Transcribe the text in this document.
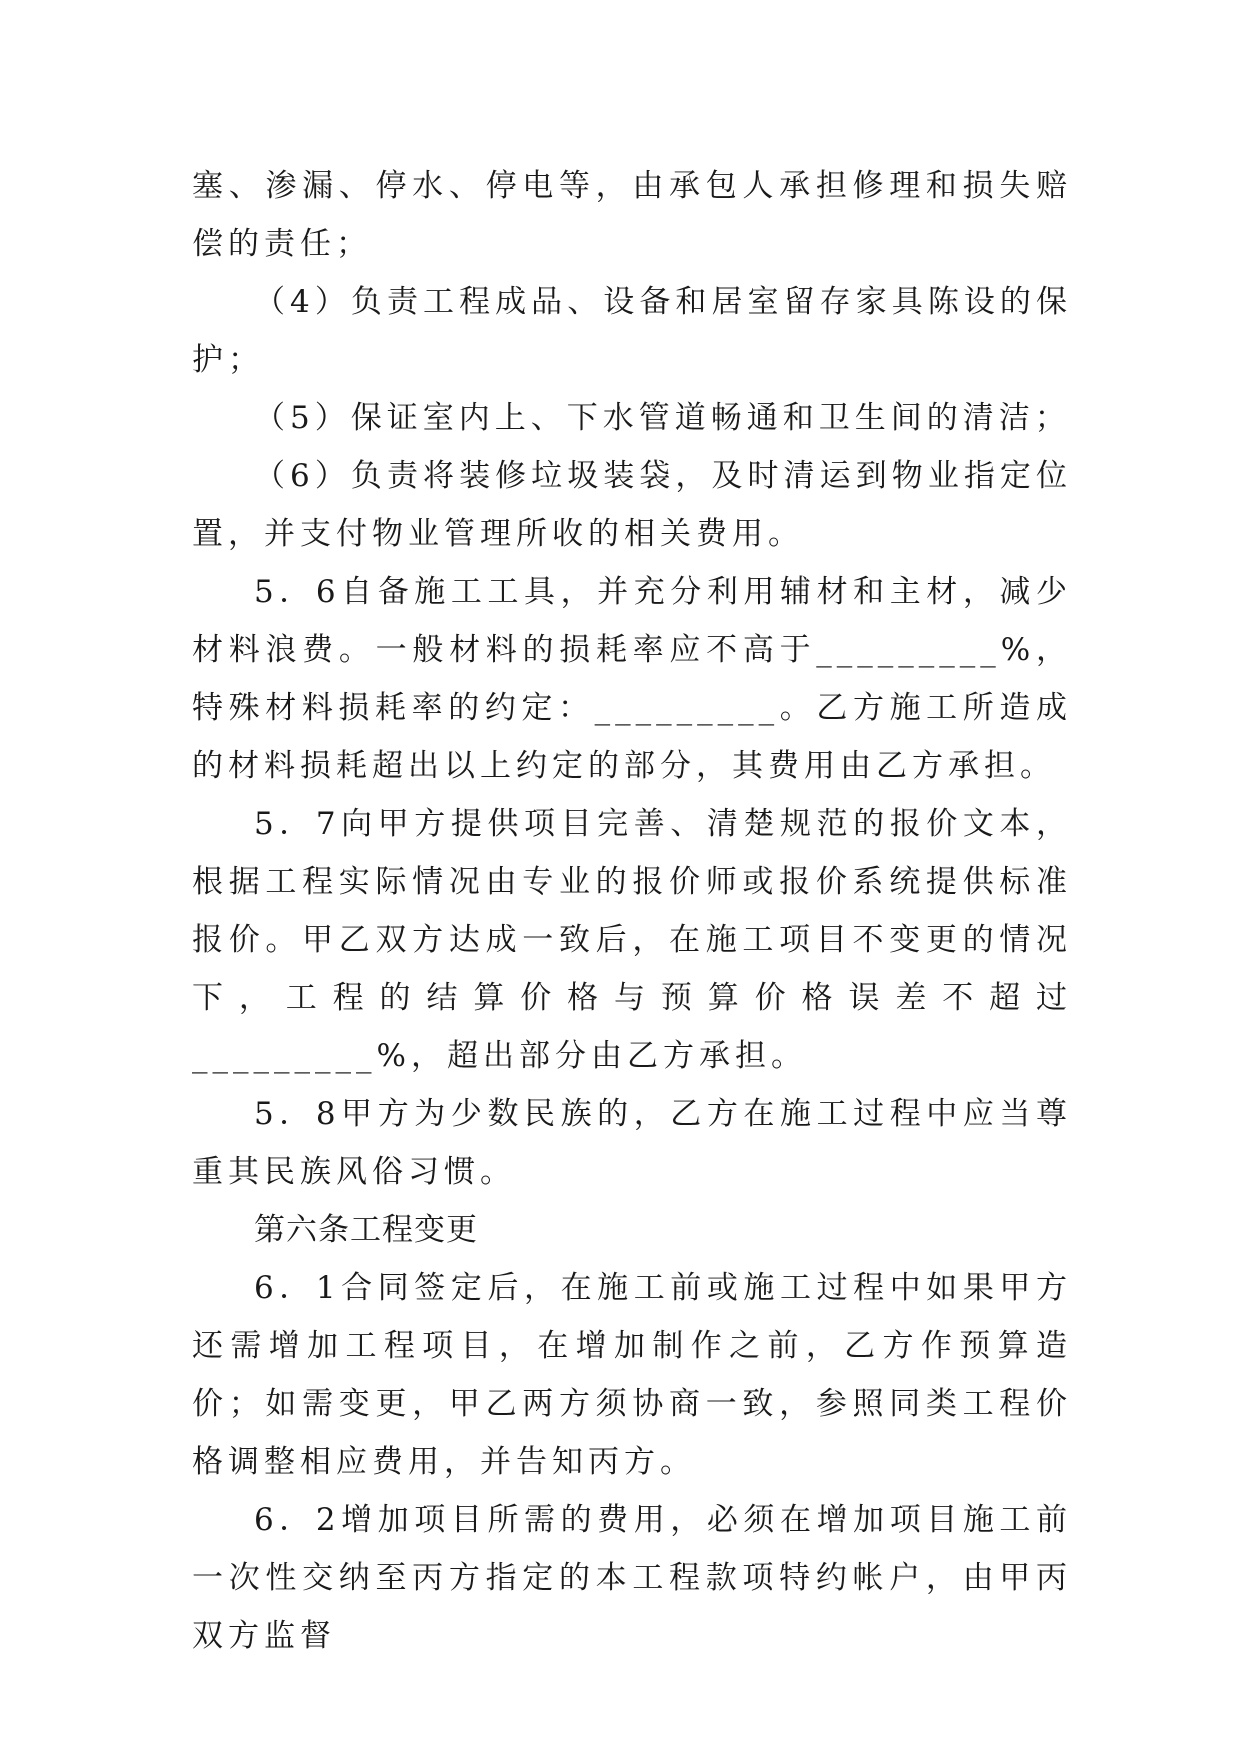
塞、渗漏、停水、停电等，由承包人承担修理和损失赔偿的责任；

（4）负责工程成品、设备和居室留存家具陈设的保护；

（5）保证室内上、下水管道畅通和卫生间的清洁；

（6）负责将装修垃圾装袋，及时清运到物业指定位置，并支付物业管理所收的相关费用。

5．6自备施工工具，并充分利用辅材和主材，减少材料浪费。一般材料的损耗率应不高于_________%，特殊材料损耗率的约定：_________。乙方施工所造成的材料损耗超出以上约定的部分，其费用由乙方承担。

5．7向甲方提供项目完善、清楚规范的报价文本，根据工程实际情况由专业的报价师或报价系统提供标准报价。甲乙双方达成一致后，在施工项目不变更的情况下，工程的结算价格与预算价格误差不超过_________%，超出部分由乙方承担。

5．8甲方为少数民族的，乙方在施工过程中应当尊重其民族风俗习惯。

第六条工程变更

6．1合同签定后，在施工前或施工过程中如果甲方还需增加工程项目，在增加制作之前，乙方作预算造价；如需变更，甲乙两方须协商一致，参照同类工程价格调整相应费用，并告知丙方。

6．2增加项目所需的费用，必须在增加项目施工前一次性交纳至丙方指定的本工程款项特约帐户，由甲丙双方监督
